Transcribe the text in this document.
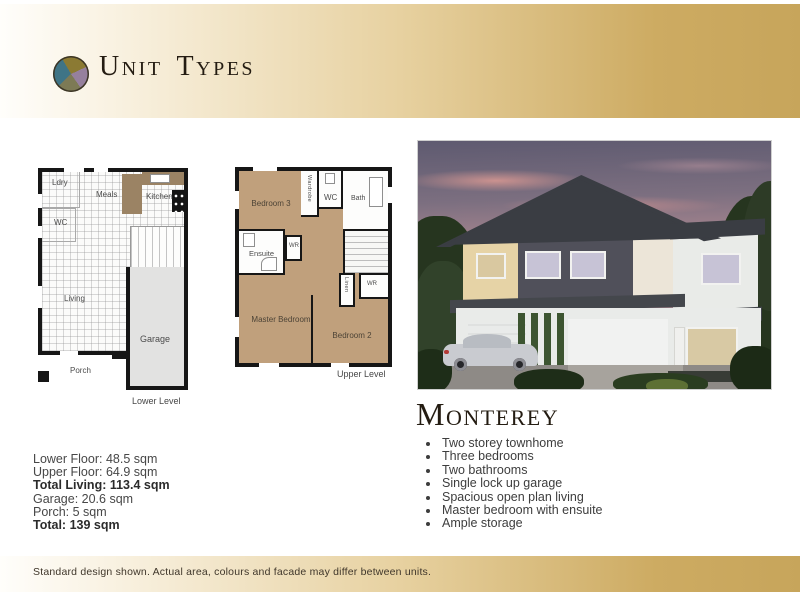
Unit Types
Ldry
Meals	Kitchen
WC
Living
Garage
Porch
Lower Level
Bedroom 3
Wardrobe WC Bath
Ensuite
WR
Linen	WR
Master Bedroom
Bedroom 2
Upper Level
Monterey
Two storey townhome
Three bedrooms
Two bathrooms
Single lock up garage
Spacious open plan living
Master bedroom with ensuite
Ample storage
Lower Floor: 48.5 sqm
Upper Floor: 64.9 sqm
Total Living: 113.4 sqm
Garage: 20.6 sqm
Porch: 5 sqm
Total: 139 sqm
Standard design shown. Actual area, colours and facade may differ between units.
